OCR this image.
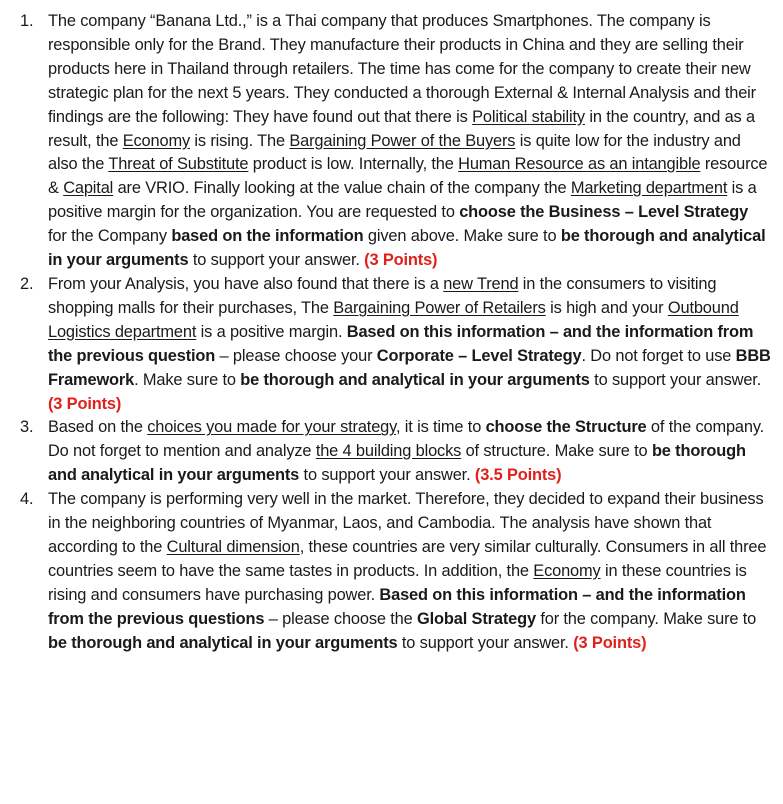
1. The company “Banana Ltd.,” is a Thai company that produces Smartphones. The company is responsible only for the Brand. They manufacture their products in China and they are selling their products here in Thailand through retailers. The time has come for the company to create their new strategic plan for the next 5 years. They conducted a thorough External & Internal Analysis and their findings are the following: They have found out that there is Political stability in the country, and as a result, the Economy is rising. The Bargaining Power of the Buyers is quite low for the industry and also the Threat of Substitute product is low. Internally, the Human Resource as an intangible resource & Capital are VRIO. Finally looking at the value chain of the company the Marketing department is a positive margin for the organization. You are requested to choose the Business – Level Strategy for the Company based on the information given above. Make sure to be thorough and analytical in your arguments to support your answer. (3 Points)
2. From your Analysis, you have also found that there is a new Trend in the consumers to visiting shopping malls for their purchases, The Bargaining Power of Retailers is high and your Outbound Logistics department is a positive margin. Based on this information – and the information from the previous question – please choose your Corporate – Level Strategy. Do not forget to use BBB Framework. Make sure to be thorough and analytical in your arguments to support your answer. (3 Points)
3. Based on the choices you made for your strategy, it is time to choose the Structure of the company. Do not forget to mention and analyze the 4 building blocks of structure. Make sure to be thorough and analytical in your arguments to support your answer. (3.5 Points)
4. The company is performing very well in the market. Therefore, they decided to expand their business in the neighboring countries of Myanmar, Laos, and Cambodia. The analysis have shown that according to the Cultural dimension, these countries are very similar culturally. Consumers in all three countries seem to have the same tastes in products. In addition, the Economy in these countries is rising and consumers have purchasing power. Based on this information – and the information from the previous questions – please choose the Global Strategy for the company. Make sure to be thorough and analytical in your arguments to support your answer. (3 Points)
